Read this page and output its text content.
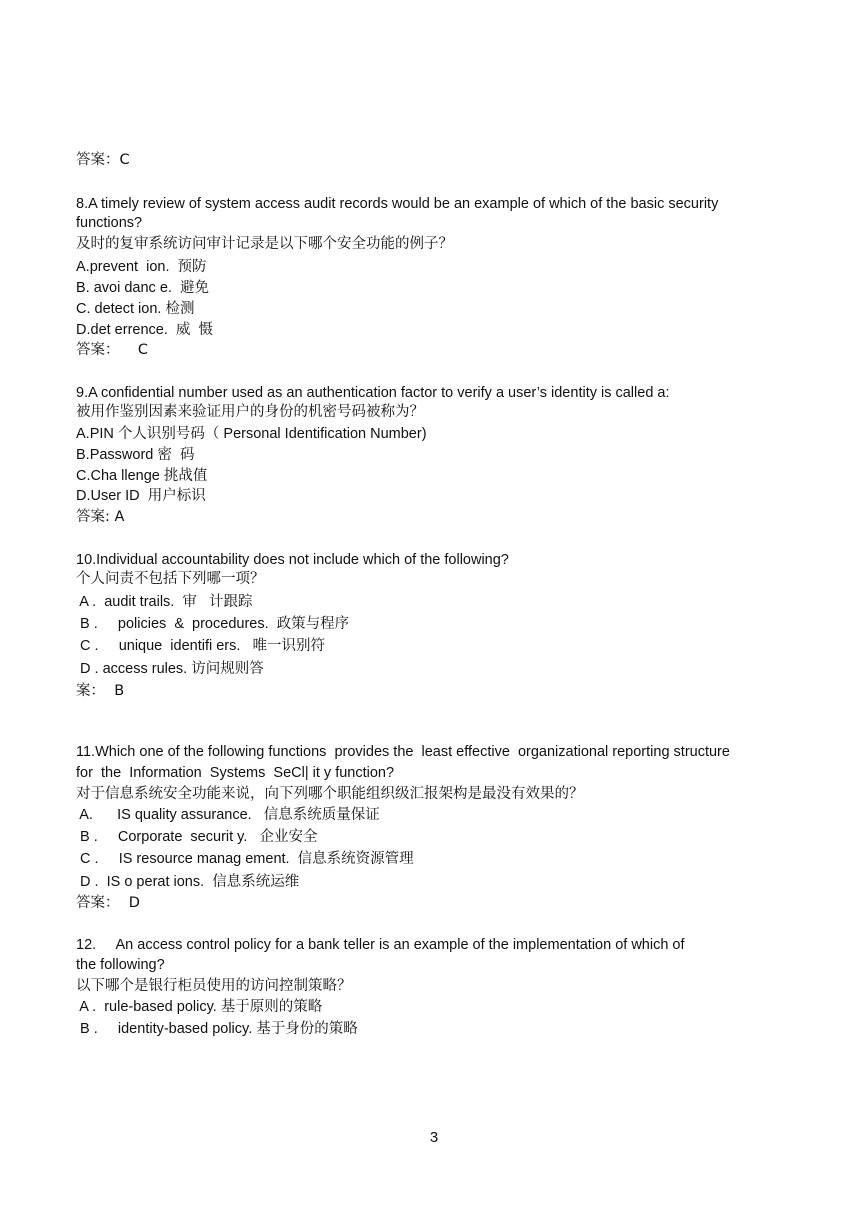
答案：C
8.A timely review of system access audit records would be an example of which of the basic security
functions?
及时的复审系统访问审计记录是以下哪个安全功能的例子？
A.prevent  ion.  预防
B. avoi danc e.  避免
C. detect ion. 检测
D.det errence.  威  慑
答案：    C
9.A confidential number used as an authentication factor to verify a user’s identity is called a:
被用作鉴别因素来验证用户的身份的机密号码被称为？
A.PIN 个人识别号码（ Personal Identification Number)
B.Password 密  码
C.Cha llenge 挑战值
D.User ID  用户标识
答案: A
10.Individual accountability does not include which of the following?
个人问责不包括下列哪一项？
A .  audit trails.  审   计跟踪
B .     policies  &  procedures.  政策与程序
C .     unique  identifi ers.   唯一识别符
D . access rules. 访问规则答
案：  B
11.Which one of the following functions  provides the  least effective  organizational reporting structure
for  the  Information  Systems  SeCl| it y function?
对于信息系统安全功能来说，向下列哪个职能组织级汇报架构是最没有效果的？
A.      IS quality assurance.   信息系统质量保证
B .     Corporate  securit y.   企业安全
C .     IS resource manag ement.  信息系统资源管理
D .  IS o perat ions.  信息系统运维
答案：  D
12.     An access control policy for a bank teller is an example of the implementation of which of
the following?
以下哪个是银行柜员使用的访问控制策略？
A .  rule-based policy. 基于原则的策略
B .     identity-based policy. 基于身份的策略
3
